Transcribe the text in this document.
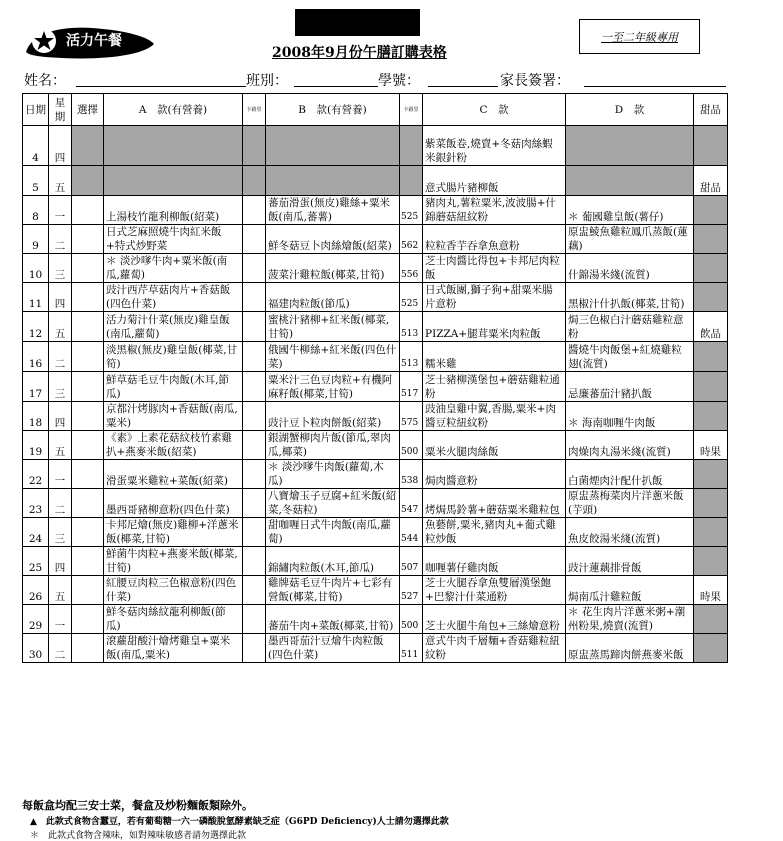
活力午餐
2008年9月份午膳訂購表格
一至二年級專用
姓名：	班別：	學號：	家長簽署：
日期	星期	選擇	A　款(有營養)	卡路里	B　款(有營養)	卡路里	C　款	D　款	甜品
4	四						紫菜飯卷,燒賣+冬菇肉絲蝦米銀針粉		
5	五						意式腸片豬柳飯		甜品
8	一		上湯枝竹龍利柳飯(紹菜)		蕃茄滑蛋(無皮)雞絲+粟米飯(南瓜,蕃薯)	525	豬肉丸,薯粒粟米,波波腸+什錦蘑菇紐紋粉	＊ 葡國雞皇飯(薯仔)	
9	二		日式芝麻照燒牛肉紅米飯+特式炒野菜		鮮冬菇豆卜肉絲燴飯(紹菜)	562	粒粒香芋吞拿魚意粉	原盅鯪魚雞粒鳳爪蒸飯(蓮藕)	
10	三		＊ 淡沙嗲牛肉+粟米飯(南瓜,蘿蔔)		菠菜汁雞粒飯(椰菜,甘筍)	556	芝士肉醬比得包+卡邦尼肉粒飯	什錦湯米綫(流質)	
11	四		豉汁西芹草菇肉片+香菇飯(四色什菜)		福建肉粒飯(節瓜)	525	日式飯團,獅子狗+甜粟米腸片意粉	黑椒汁什扒飯(椰菜,甘筍)	
12	五		活力菊汁什菜(無皮)雞皇飯(南瓜,蘿蔔)		蜜桃汁豬柳+紅米飯(椰菜,甘筍)	513	PIZZA+腿茸粟米肉粒飯	焗三色椒白汁蘑菇雞粒意粉	飲品
16	二		淡黑椒(無皮)雞皇飯(椰菜,甘筍)		俄國牛柳絲+紅米飯(四色什菜)	513	糯米雞	醬燒牛肉飯堡+紅燒雞粒翅(流質)	
17	三		鮮草菇毛豆牛肉飯(木耳,節瓜)		粟米汁三色豆肉粒+有機阿麻籽飯(椰菜,甘筍)	517	芝士豬柳漢堡包+蘑菇雞粒通粉	忌廉蕃茄汁豬扒飯	
18	四		京都汁烤豚肉+香菇飯(南瓜,粟米)		豉汁豆卜粒肉餅飯(紹菜)	575	豉油皇雞中翼,香腸,粟米+肉醬豆粒紐紋粉	＊ 海南咖喱牛肉飯	
19	五		《素》上素花菇紋枝竹素雞扒+燕麥米飯(紹菜)		銀湖蟹柳肉片飯(節瓜,翠肉瓜,椰菜)	500	粟米火腿肉絲飯	肉燥肉丸湯米綫(流質)	時果
22	一		滑蛋粟米雞粒+菜飯(紹菜)		＊ 淡沙嗲牛肉飯(蘿蔔,木瓜)	538	焗肉醬意粉	白菌煙肉汁配什扒飯	
23	二		墨西哥豬柳意粉(四色什菜)		八寶燴玉子豆腐+紅米飯(紹菜,冬菇粒)	547	烤焗馬鈴薯+蘑菇粟米雞粒包	原盅蒸梅菜肉片洋蔥米飯(芋頭)	
24	三		卡邦尼燴(無皮)雞柳+洋蔥米飯(椰菜,甘筍)		甜咖喱日式牛肉飯(南瓜,蘿蔔)	544	魚藝餅,粟米,豬肉丸+葡式雞粒炒飯	魚皮餃湯米綫(流質)	
25	四		鮮菌牛肉粒+燕麥米飯(椰菜,甘筍)		錦繡肉粒飯(木耳,節瓜)	507	咖喱薯仔雞肉飯	豉汁蓮藕排骨飯	
26	五		紅腰豆肉粒三色椒意粉(四色什菜)		雞牌菇毛豆牛肉片+七彩有營飯(椰菜,甘筍)	527	芝士火腿吞拿魚雙層漢堡飽+巴黎汁什菜通粉	焗南瓜汁雞粒飯	時果
29	一		鮮冬菇肉絲紋龍利柳飯(節瓜)		蕃茄牛肉+菜飯(椰菜,甘筍)	500	芝士火腿牛角包+三絲燴意粉	＊ 花生肉片洋蔥米粥+潮州粉果,燒賣(流質)	
30	二		滾蘿甜酸汁燴烤雞皇+粟米飯(南瓜,粟米)		墨西哥茄汁豆燴牛肉粒飯(四色什菜)	511	意式牛肉千層麵+香菇雞粒紐紋粉	原盅蒸馬蹄肉餅燕麥米飯	
每飯盒均配三安士菜，餐盒及炒粉麵飯類除外。
▲　此款式食物含蠶豆，若有葡萄糖一六一磷酸脫氫酵素缺乏症（G6PD Deficiency)人士請勿選擇此款
＊　此款式食物含辣味，如對辣味敏感者請勿選擇此款
